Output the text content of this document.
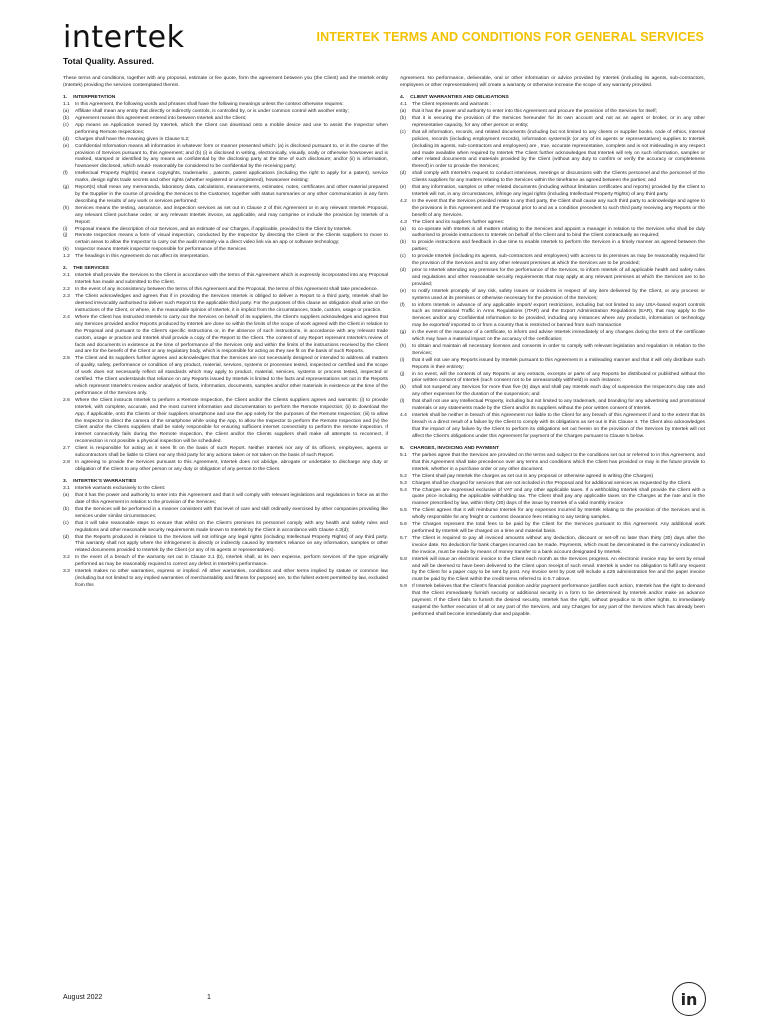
intertek
Total Quality. Assured.
INTERTEK TERMS AND CONDITIONS FOR GENERAL SERVICES
These terms and conditions, together with any proposal, estimate or fee quote, form the agreement between you (the Client) and the Intertek entity (Intertek) providing the services contemplated therein.
1. INTERPRETATION
1.1	In this Agreement, the following words and phrases shall have the following meanings unless the context otherwise requires:
(a)	Affiliate shall mean any entity that directly or indirectly controls, is controlled by, or is under common control with another entity;
(b)	Agreement means this agreement entered into between Intertek and the Client;
(c)	App means an Application owned by Intertek, which the Client can download onto a mobile device and use to assist the Inspector when performing Remote Inspections;
(d)	Charges shall have the meaning given in Clause 5.2;
(e)	Confidential Information means all information in whatever form or manner presented which: (a) is disclosed pursuant to, or in the course of the provision of Services pursuant to, this Agreement; and (b) (i) is disclosed in writing, electronically, visually, orally or otherwise howsoever and is marked, stamped or identified by any means as confidential by the disclosing party at the time of such disclosure; and/or (ii) is information, howsoever disclosed, which would- reasonably be considered to be confidential by the receiving party;
(f)	Intellectual Property Right(s) means copyrights, trademarks , patents, patent applications (including the right to apply for a patent), service marks, design rights trade secrets and other rights (whether registered or unregistered), howsoever existing;
(g)	Report(s) shall mean any memoranda, laboratory data, calculations, measurements, estimates, notes, certificates and other material prepared by the Supplier in the course of providing the Services to the Customer, together with status summaries or any other communication in any form describing the results of any work or services performed;
(h)	Services means the testing, assurance, and inspection services as set out in Clause 2 of this Agreement or in any relevant Intertek Proposal, any relevant Client purchase order, or any relevant Intertek invoice, as applicable, and may comprise or include the provision by Intertek of a Report
(i)	Proposal means the description of our Services, and an estimate of our Charges, if applicable, provided to the Client by Intertek.
(j)	Remote Inspection means a form of visual inspection, conducted by the Inspector by directing the Client or the Clients suppliers to move to certain areas to allow the Inspector to carry out the audit remotely via a direct video link via an app or software technology;
(k)	Inspector means Intertek inspector responsible for performance of the Services
1.2	The headings in this Agreement do not affect its interpretation.
2. THE SERVICES
2.1	Intertek shall provide the Services to the Client in accordance with the terms of this Agreement which is expressly incorporated into any Proposal Intertek has made and submitted to the Client.
2.2	In the event of any inconsistency between the terms of this Agreement and the Proposal, the terms of this Agreement shall take precedence.
2.3	The Client acknowledges and agrees that if in providing the Services Intertek is obliged to deliver a Report to a third party, Intertek shall be deemed irrevocably authorised to deliver such Report to the applicable third party. For the purposes of this clause an obligation shall arise on the instructions of the Client, or where, in the reasonable opinion of Intertek, it is implicit from the circumstances, trade, custom, usage or practice.
2.4	Where the Client has instructed Intertek to carry out the Services on behalf of its suppliers, the Client's suppliers acknowledges and agrees that any Services provided and/or Reports produced by Intertek are done so within the limits of the scope of work agreed with the Client in relation to the Proposal and pursuant to the Client's specific instructions or, in the absence of such instructions, in accordance with any relevant trade custom, usage or practice and Intertek shall provide a copy of the Report to the Client. The content of any Report represent Intertek's review of facts and documents in existence at the time of performance of the Services only and within the limits of the instructions received by the Client and are for the benefit of the Client or any regulatory body, which is responsible for acting as they see fit on the basis of such Reports.
2.5	The Client and its suppliers further agrees and acknowledges that the Services are not necessarily designed or intended to address all matters of quality, safety, performance or condition of any product, material, services, systems or processes tested, inspected or certified and the scope of work does not necessarily reflect all standards which may apply to product, material, services, systems or process tested, inspected or certified. The Client understands that reliance on any Reports issued by Intertek is limited to the facts and representations set out in the Reports which represent Intertek's review and/or analysis of facts, information, documents, samples and/or other materials in existence at the time of the performance of the Services only.
2.6	Where the Client instructs Intertek to perform a Remote Inspection, the Client and/or the Clients suppliers agrees and warrants: (i) to provide Intertek, with complete, accurate, and the most current information and documentation to perform the Remote Inspection; (ii) to download the App, if applicable, onto the Clients or their suppliers smartphone and use the app solely for the purposes of the Remote Inspection; (iii) to allow the Inspector to direct the camera of the smartphone while using the App, to allow the Inspector to perform the Remote Inspection and (iv) the Client and/or the Clients suppliers shall be solely responsible for ensuring sufficient internet connectivity to perform the remote inspection. If internet connectivity fails during the Remote Inspection, the Client and/or the Clients suppliers shall make all attempts to reconnect, if reconnection is not possible a physical inspection will be scheduled.
2.7	Client is responsible for acting as it sees fit on the basis of such Report. Neither Intertek nor any of its officers, employees, agents or subcontractors shall be liable to Client nor any third party for any actions taken or not taken on the basis of such Report.
2.8	In agreeing to provide the Services pursuant to this Agreement, Intertek does not abridge, abrogate or undertake to discharge any duty or obligation of the Client to any other person or any duty or obligation of any person to the Client.
3. INTERTEK'S WARRANTIES
3.1	Intertek warrants exclusively to the Client:
(a)	that it has the power and authority to enter into this Agreement and that it will comply with relevant legislations and regulations in force as at the date of this Agreement in relation to the provision of the Services;
(b)	that the Services will be performed in a manner consistent with that level of care and skill ordinarily exercised by other companies providing like services under similar circumstances;
(c)	that it will take reasonable steps to ensure that whilst on the Client's premises its personnel comply with any health and safety rules and regulations and other reasonable security requirements made known to Intertek by the Client in accordance with Clause 4.3(d);
(d)	that the Reports produced in relation to the Services will not infringe any legal rights (including Intellectual Property Rights) of any third party. This warranty shall not apply where the infringement is directly or indirectly caused by Intertek's reliance on any information, samples or other related documents provided to Intertek by the Client (or any of its agents or representatives).
3.2	In the event of a breach of the warranty set out in Clause 3.1 (b), Intertek shall, at its own expense, perform services of the type originally performed as may be reasonably required to correct any defect in Intertek's performance.
3.3	Intertek makes no other warranties, express or implied. All other warranties, conditions and other terms implied by statute or common law (including but not limited to any implied warranties of merchantability and fitness for purpose) are, to the fullest extent permitted by law, excluded from this
Agreement. No performance, deliverable, oral or other information or advice provided by Intertek (including its agents, sub-contractors, employees or other representatives) will create a warranty or otherwise increase the scope of any warranty provided.
4. CLIENT WARRANTIES AND OBLIGATIONS
4.1	The Client represents and warrants :
(a)	that it has the power and authority to enter into this Agreement and procure the provision of the Services for itself;
(b)	that it is securing the provision of the Services hereunder for its own account and not as an agent or broker, or in any other representative capacity, for any other person or entity;
(c)	that all information, records, and related documents (including but not limited to any clients or supplier books, code of ethics, internal policies, records (including employment records), information systems)it (or any of its agents or representatives) supplies to Intertek (including its agents, sub-contractors and employees) are , true, accurate representative, complete and is not misleading in any respect and made available when required by Intertek The Client further acknowledges that Intertek will rely on such information, samples or other related documents and materials provided by the Client (without any duty to confirm or verify the accuracy or completeness thereof) in order to provide the Services;
(d)	shall comply with Intertek's request to conduct interviews, meetings or discussions with the Clients personnel and the personnel of the Clients suppliers for any matters relating to the Services within the timeframe as agreed between the parties; and
(e)	that any information, samples or other related documents (including without limitation certificates and reports) provided by the Client to Intertek will not, in any circumstances, infringe any legal rights (including Intellectual Property Rights) of any third party.
4.2	In the event that the Services provided relate to any third party, the Client shall cause any such third party to acknowledge and agree to the provisions in this Agreement and the Proposal prior to and as a condition precedent to such third party receiving any Reports or the benefit of any Services.
4.3	The Client and its suppliers further agrees:
(a)	to co-operate with Intertek in all matters relating to the Services and appoint a manager in relation to the Services who shall be duly authorised to provide instructions to Intertek on behalf of the Client and to bind the Client contractually as required;
(b)	to provide instructions and feedback in due time to enable Intertek to perform the Services in a timely manner as agreed between the parties;
(c)	to provide Intertek (including its agents, sub-contractors and employees) with access to its premises as may be reasonably required for the provision of the Services and to any other relevant premises at which the Services are to be provided;
(d)	prior to Intertek attending any premises for the performance of the Services, to inform Intertek of all applicable health and safety rules and regulations and other reasonable security requirements that may apply at any relevant premises at which the Services are to be provided;
(e)	to notify Intertek promptly of any risk, safety issues or incidents in respect of any item delivered by the Client, or any process or systems used at its premises or otherwise necessary for the provision of the Services;
(f)	to inform Intertek in advance of any applicable import/ export restrictions, including but not limited to any USA-based export controls such as International Traffic in Arms Regulations (ITAR) and the Export Administration Regulations (EAR), that may apply to the Services and/or any Confidential Information to be provided, including any instances where any products, information or technology may be exported/ imported to or from a country that is restricted or banned from such transaction
(g)	in the event of the issuance of a certificate, to inform and advise Intertek immediately of any changes during the term of the certificate which may have a material impact on the accuracy of the certification;
(h)	to obtain and maintain all necessary licenses and consents in order to comply with relevant legislation and regulation in relation to the Services;
(i)	that it will not use any Reports issued by Intertek pursuant to this Agreement in a misleading manner and that it will only distribute such Reports in their entirety;
(j)	in no event, will the contents of any Reports or any extracts, excerpts or parts of any Reports be distributed or published without the prior written consent of Intertek (such consent not to be unreasonably withheld) in each instance;
(k)	shall not suspend any Services for more than five (5) days and shall pay Intertek each day of suspension the Inspector's day rate and any other expenses for the duration of the suspension; and
(l)	that shall not use any Intellectual Property, including but not limited to any trademark, and branding for any advertising and promotional materials or any statements made by the Client and/or its suppliers without the prior written consent of Intertek.
4.4	Intertek shall be neither in breach of this Agreement nor liable to the Client for any breach of this Agreement if and to the extent that its breach is a direct result of a failure by the Client to comply with its obligations as set out in this Clause 4. The Client also acknowledges that the impact of any failure by the Client to perform its obligations set out herein on the provision of the Services by Intertek will not affect the Client's obligations under this Agreement for payment of the Charges pursuant to Clause 5 below.
5. CHARGES, INVOICING AND PAYMENT
5.1	The parties agree that the Services are provided on the terms and subject to the conditions set out or referred to in this Agreement, and that this Agreement shall take precedence over any terms and conditions which the Client has provided or may in the future provide to Intertek, whether in a purchase order or any other document.
5.2	The Client shall pay Intertek the charges as set out in any proposal or otherwise agreed in writing (the Charges)
5.3	Charges shall be charged for services that are not included in the Proposal and for additional services as requested by the Client.
5.4	The Charges are expressed exclusive of VAT and any other applicable taxes. If a withholding Intertek shall provide the Client with a quote price including the applicable withholding tax. The Client shall pay any applicable taxes on the Charges at the rate and in the manner prescribed by law, within thirty (30) days of the issue by Intertek of a valid monthly invoice
5.5	The Client agrees that it will reimburse Intertek for any expenses incurred by Intertek relating to the provision of the Services and is wholly responsible for any freight or customs clearance fees relating to any testing samples.
5.6	The Charges represent the total fees to be paid by the Client for the Services pursuant to this Agreement. Any additional work performed by Intertek will be charged on a time and material basis.
5.7	The Client is required to pay all invoiced amounts without any deduction, discount or set-off no later than thirty (30) days after the invoice date. No deduction for bank charges incurred can be made. Payments, which must be denominated in the currency indicated in the invoice, must be made by means of money transfer to a bank account designated by Intertek.
5.8	Intertek will issue an electronic invoice to the Client each month as the Services progress. An electronic invoice may be sent by email and will be deemed to have been delivered to the Client upon receipt of such email. Intertek is under no obligation to fulfil any request by the Client for a paper copy to be sent by post. Any invoice sent by post will include a £25 administration fee and the paper invoice must be paid by the Client within the credit terms referred to in 5.7 above.
5.9	If Intertek believes that the Client's financial position and/or payment performance justifies such action, Intertek has the right to demand that the Client immediately furnish security or additional security in a form to be determined by Intertek and/or make an advance payment. If the Client fails to furnish the desired security, Intertek has the right, without prejudice to its other rights, to immediately suspend the further execution of all or any part of the Services, and any Charges for any part of the Services which has already been performed shall become immediately due and payable.
August 2022	1	in
